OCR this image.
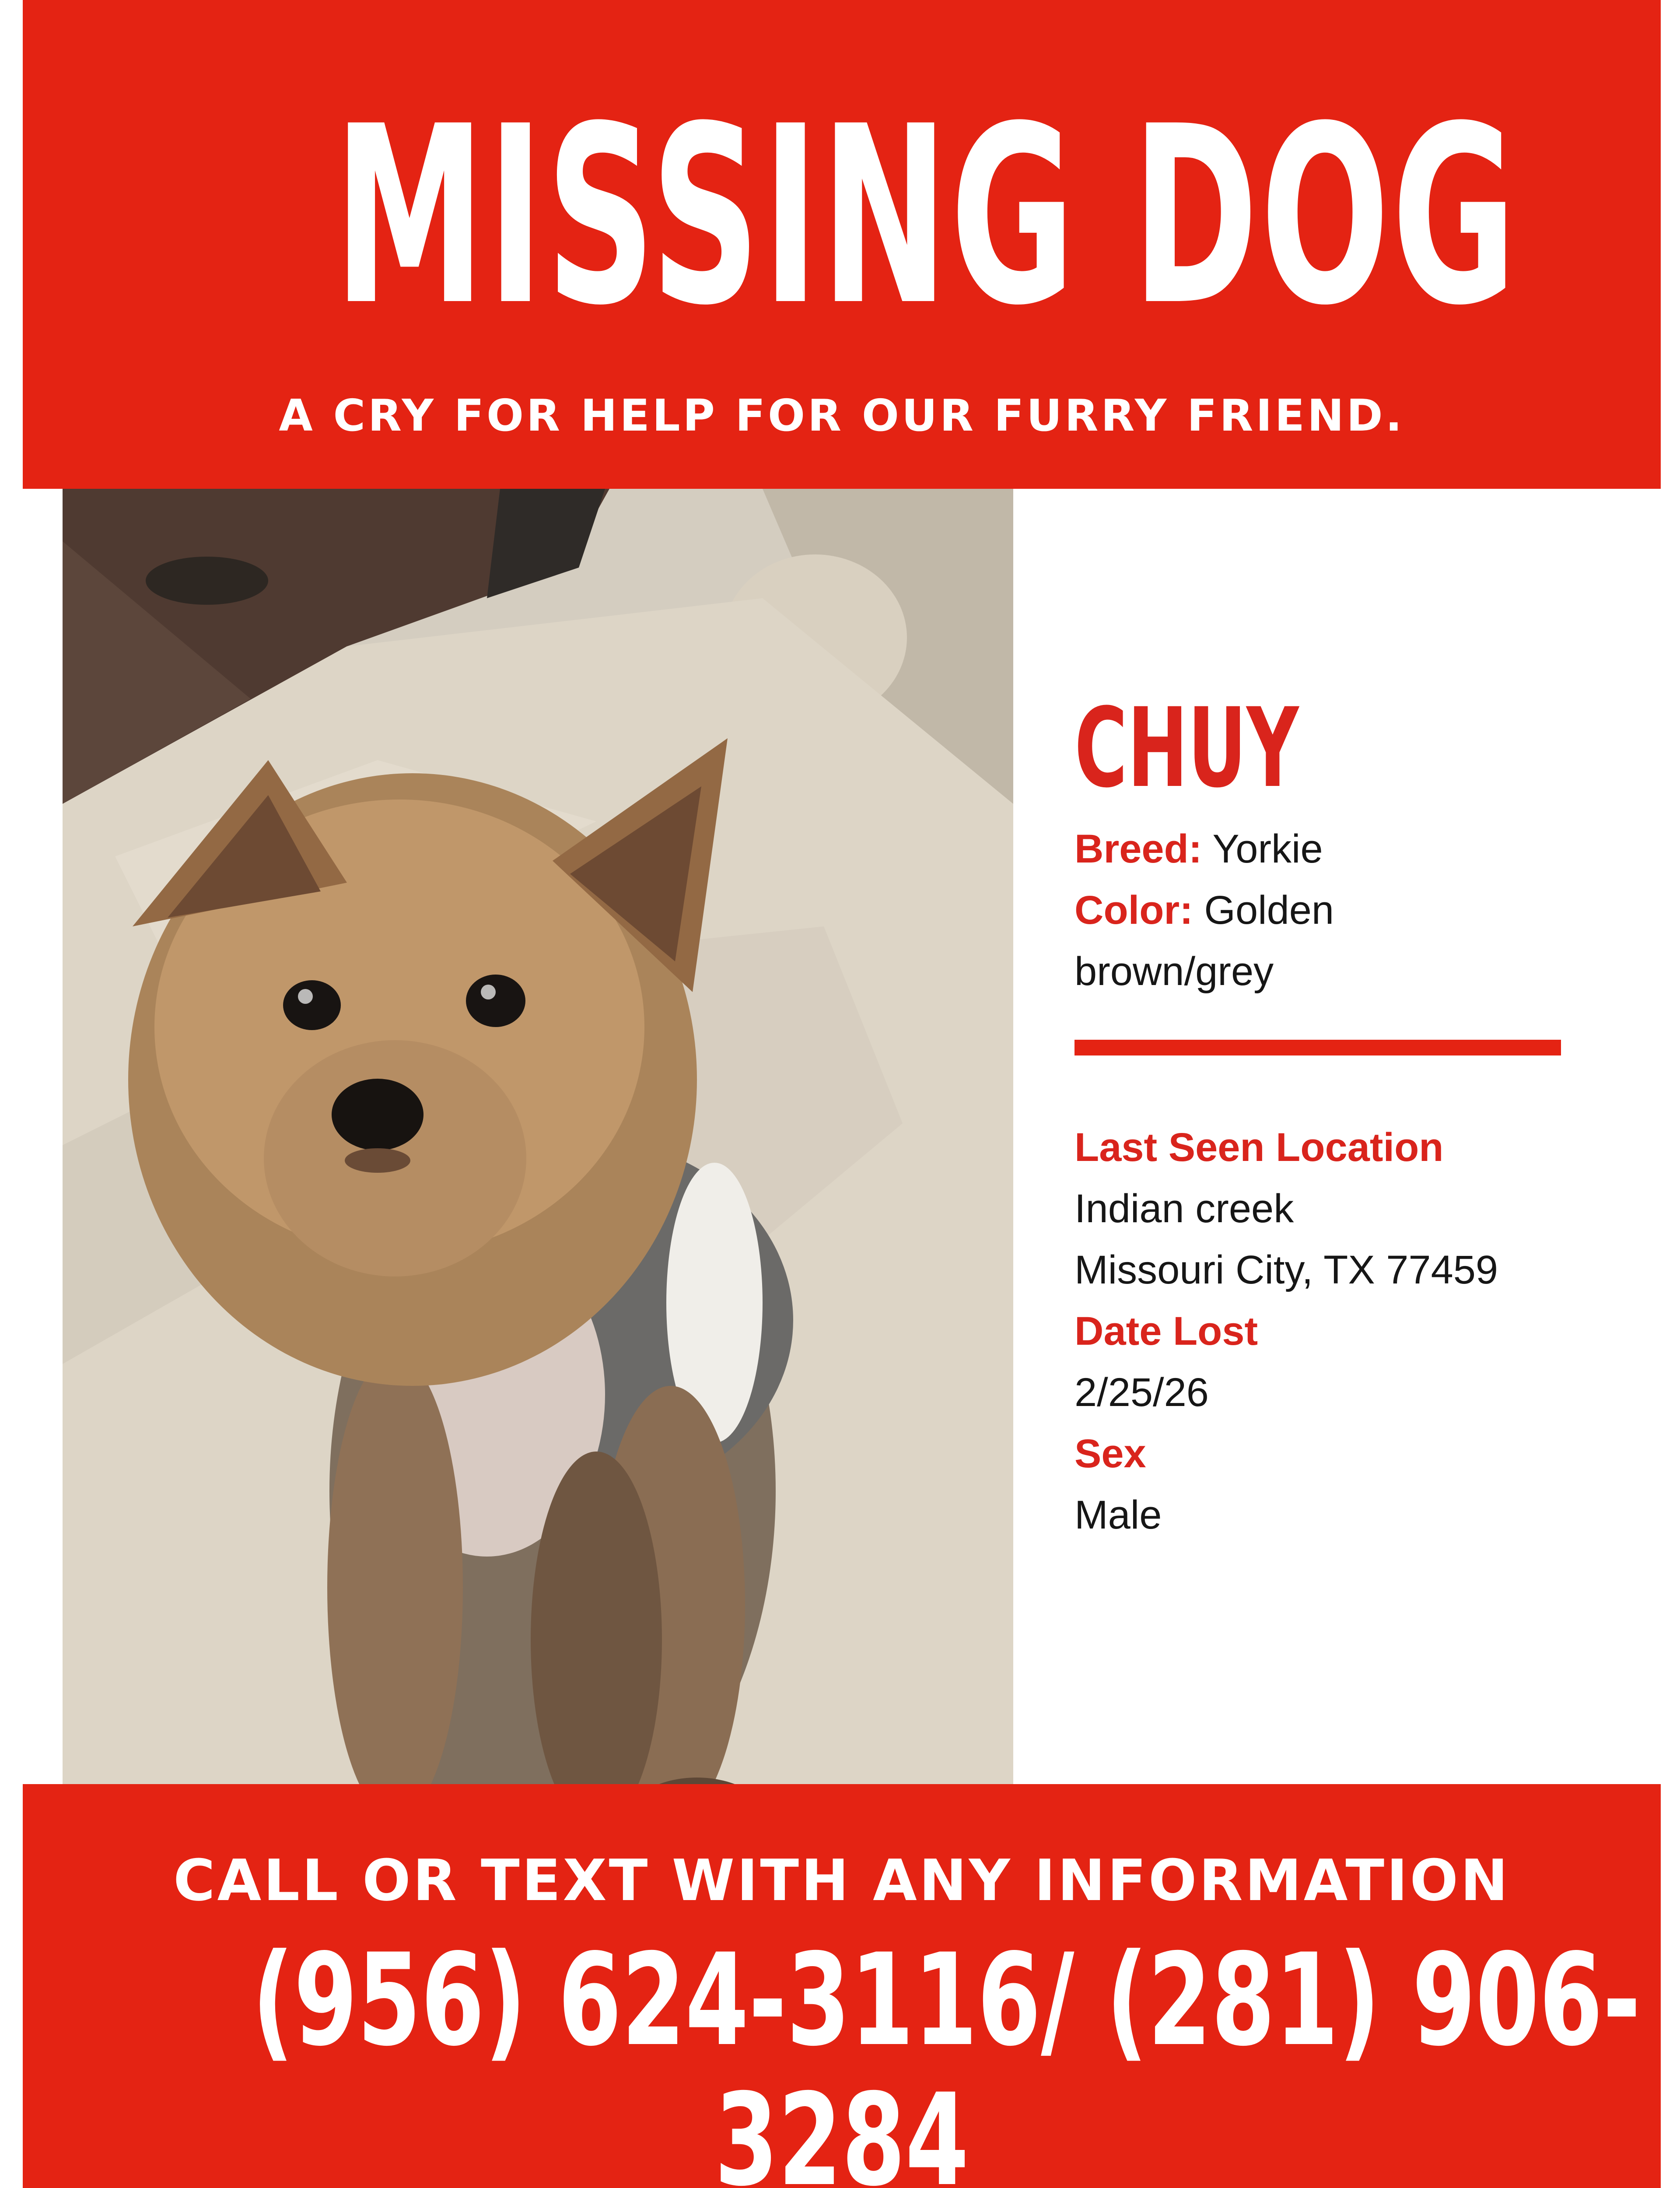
MISSING DOG
A CRY FOR HELP FOR OUR FURRY FRIEND.
CHUY
Breed: Yorkie
Color: Golden
brown/grey
Last Seen Location
Indian creek
Missouri City, TX 77459
Date Lost
2/25/26
Sex
Male
CALL OR TEXT WITH ANY INFORMATION
(956) 624-3116/ (281) 906-
3284
